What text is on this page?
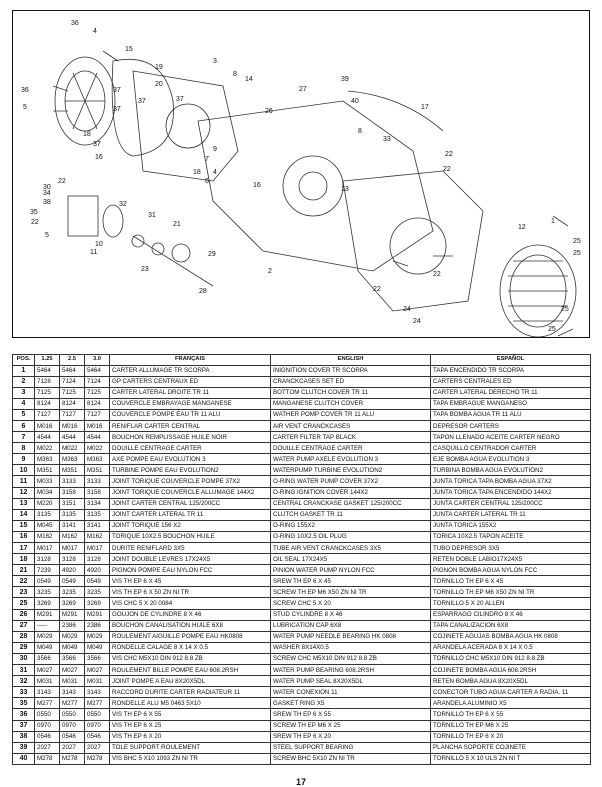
36
4
15
19
20
3
8
14
36	37
37	37
5	37
18
37
16
26
27
39
40
17
8
33
22
9
7
18 4	22
6
16
2
30
22
38
34
13
1
35
22
32
31
21	12
5
10
11
23
29
28
25
25
22
25
22
24
24
25
POS.	1.25	2.5	3.0	FRANÇAIS	ENGLISH	ESPAÑOL
1	5464	5464	5464	CARTER ALLUMAGE TR SCORPA	INIGNITION COVER TR SCORPA	TAPA ENCENDIDO TR SCORPA
2	7128	7124	7124	GP CARTERS CENTRAUX ED	CRANCKCASES SET ED	CARTERS CENTRALES ED
3	7125	7125	7125	CARTER LATERAL DROITE TR 11	BOTTOM CLUTCH COVER TR 11	CARTER LATERAL DERECHO TR 11
4	8124	8124	8124	COUVERCLE EMBRAYAGE MANGANESE	MANGANESE CLUTCH COVER	TAPA EMBRAGUE MANGANESO
5	7127	7127	7127	COUVERCLE POMPE EAU TR 11 ALU	WATHER POMP COVER TR 11 ALU	TAPA BOMBA AGUA TR 11 ALU
6	M016	M016	M016	RENIFLAR CARTER CENTRAL	AIR VENT CRANCKCASES	DEPRESOR CARTERS
7	4544	4544	4544	BOUCHON REMPLISSAGE HUILE NOIR	CARTER FILTER TAP BLACK	TAPON LLENADO ACEITE CARTER NEGRO
8	M022	M022	M022	DOUILLE CENTRAGE CARTER	DOUILLE CENTRAGE CARTER	CASQUILLO CENTRADOR CARTER
9	M363	M363	M363	AXE POMPE EAU EVOLUTION 3	WATER PUMP AXELE EVOLUTION 3	EJE BOMBA AGUA EVOLUTION 3
10	M351	M351	M351	TURBINE POMPE EAU EVOLUTION2	WATERPUMP TURBINE EVOLUTION2	TURBINA BOMBA AGUA EVOLUTION2
11	M033	3133	3133	JOINT TORIQUE COUVERCLE POMPE 37X2	O-RING WATER PUMP COVER 37X2	JUNTA TORICA TAPA BOMBA AGUA 37X2
12	M034	3158	3158	JOINT TORIQUE COUVERCLE ALLUMAGE 144X2	O-RING IGNITION COVER 144X2	JUNTA TORICA TAPA ENCENDIDO 144X2
13	M220	3151	3134	JOINT CARTER CENTRAL 125/200CC	CENTRAL CRANCKASE GASKET 125/200CC	JUNTA CARTER CENTRAL 125/200CC
14	3135	3135	3135	JOINT CARTER LATERAL TR 11	CLUTCH GASKET TR 11	JUNTA CARTER LATERAL TR 11
15	M045	3141	3141	JOINT TORIQUE 156 X2	O-RING 155X2	JUNTA TORICA 155X2
16	M162	M162	M162	TORIQUE 10X2.5 BOUCHON HUILE	O-RING 10X2.5 OIL PLUG	TORICA 10X2.5 TAPON ACEITE
17	M017	M017	M017	DURITE RENIFLARD 3X5	TUBE AIR VENT CRANCKCASES 3X5	TUBO DEPRESOR 3X5
18	3128	3128	3128	JOINT DOUBLE LEVRES 17X24X5	OIL SEAL 17X24X5	RETEN DOBLE LABIO17X24X5
21	7239	4920	4920	PIGNON POMPE EAU NYLON FCC	PINION WATER PUMP NYLON FCC	PIGNON BOMBA AGUA NYLON FCC
22	0549	0549	0549	VIS TH EP 6 X 45	SREW TH EP 6 X 45	TORNILLO TH EP 6 X 45
23	3235	3235	3235	VIS TH EP 6 X 50 ZN NI TR	SCREW TH EP M6 X50 ZN NI TR	TORNILLO TH EP M6 X50 ZN NI TR
25	3269	3269	3269	VIS CHC 5 X 20 0084	SCREW CHC 5 X 20	TORNILLO 5 X 20 ALLEN
26	M291	M291	M291	GOUJON DE CYLINDRE 8 X 46	STUD CYLINDRE 8 X 46	ESPARRAGO CILINDRO 8 X 46
27	-----	2386	2386	BOUCHON CANALISATION HUILE 6X8	LUBRICATION CAP 6X8	TAPA CANALIZACION 6X8
28	M029	M029	M029	ROULEMENT AIGUILLE POMPE EAU HK0808	WATER PUMP NEEDLE BEARING HK 0808	COJINETE AGUJAS BOMBA AGUA HK 0808
29	M049	M049	M049	RONDELLE CALAGE 8 X 14 X 0.5	WASHER 8X14X0.5	ARANDELA ACERADA 8 X 14 X 0.5
30	3566	3566	3566	VIS CHC M5X10 DIN 912 8.8 ZB	SCREW CHC M5X10 DIN 912 8.8 ZB	TORNILLO CHC M5X10 DIN 912 8.8 ZB
31	M027	M027	M027	ROULEMENT BILLE POMPE EAU 608.2RSH	WATER PUMP BEARING 608.2RSH	COJINETE BOMBA AGUA 608.2RSH
32	M031	M031	M031	JOINT POMPE A EAU 8X20X5DL	WATER PUMP SEAL 8X20X5DL	RETEN BOMBA AGUA 8X20X5DL
33	3143	3143	3143	RACCORD DURITE CARTER RADIATEUR 11	WATER CONEXION 11	CONECTOR TUBO AGUA CARTER A RADIA. 11
35	M277	M277	M277	RONDELLE ALU M5 0463 5X10	GASKET RING X5	ARANDELA ALUMINIO X5
36	0550	0550	0550	VIS TH EP 6 X 55	SREW TH EP 6 X 55	TORNILLO TH EP 6 X 55
37	0970	0970	0970	VIS TH EP 6 X 25	SCREW TH EP M6 X 25	TORNILLO TH EP M6 X 25
38	0546	0546	0546	VIS TH EP 6 X 20	SREW TH EP 6 X 20	TORNILLO TH EP 6 X 20
39	2027	2027	2027	TOLE SUPPORT ROULEMENT	STEEL SUPPORT BEARING	PLANCHA SOPORTE COJINETE
40	M278	M278	M278	VIS BHC 5 X10 1093 ZN NI TR	SCREW BHC 5X10 ZN NI TR	TORNILLO 5 X 10 ULS ZN NI T
17
